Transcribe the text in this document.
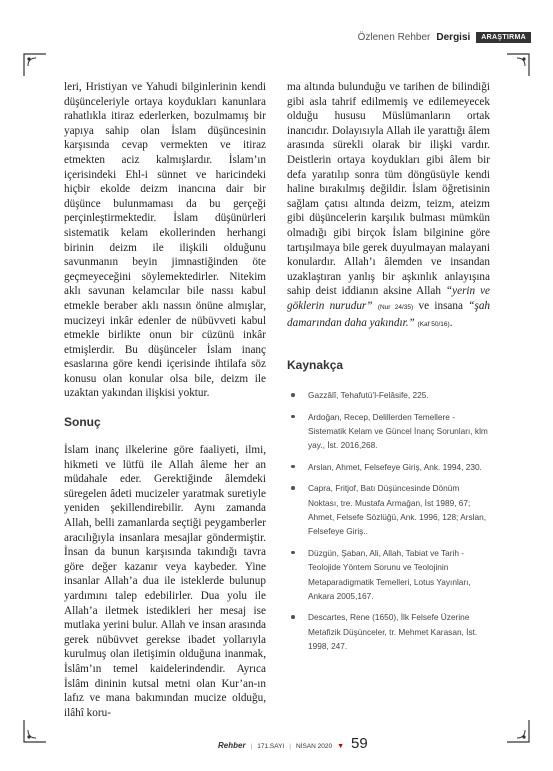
Özlenen Rehber Dergisi	ARAŞTIRMA

leri, Hristiyan ve Yahudi bilginlerinin kendi düşünceleriyle ortaya koydukları kanunlara rahatlıkla itiraz ederlerken, bozulmamış bir yapıya sahip olan İslam düşüncesinin karşısında cevap vermekten ve itiraz etmekten aciz kalmışlardır. İslam’ın içerisindeki Ehl-i sünnet ve haricindeki hiçbir ekolde deizm inancına dair bir düşünce bulunmaması da bu gerçeği perçinleştirmektedir. İslam düşünürleri sistematik kelam ekollerinden herhangi birinin deizm ile ilişkili olduğunu savunmanın beyin jimnastiğinden öte geçmeyeceğini söylemektedirler. Nitekim aklı savunan kelamcılar bile nassı kabul etmekle beraber aklı nassın önüne almışlar, mucizeyi inkâr edenler de nübüvveti kabul etmekle birlikte onun bir cüzünü inkâr etmişlerdir. Bu düşünceler İslam inanç esaslarına göre kendi içerisinde ihtilafa söz konusu olan konular olsa bile, deizm ile uzaktan yakından ilişkisi yoktur.

Sonuç

İslam inanç ilkelerine göre faaliyeti, ilmi, hikmeti ve lütfü ile Allah âleme her an müdahale eder. Gerektiğinde âlemdeki süregelen âdeti mucizeler yaratmak suretiyle yeniden şekillendirebilir. Aynı zamanda Allah, belli zamanlarda seçtiği peygamberler aracılığıyla insanlara mesajlar göndermiştir. İnsan da bunun karşısında takındığı tavra göre değer kazanır veya kaybeder. Yine insanlar Allah’a dua ile isteklerde bulunup yardımını talep edebilirler. Dua yolu ile Allah’a iletmek istedikleri her mesaj ise mutlaka yerini bulur. Allah ve insan arasında gerek nübüvvet gerekse ibadet yollarıyla kurulmuş olan iletişimin olduğuna inanmak, İslâm’ın temel kaidelerindendir. Ayrıca İslâm dininin kutsal metni olan Kur’an-ın lafız ve mana bakımından mucize olduğu, ilâhî koru-

ma altında bulunduğu ve tarihen de bilindiği gibi asla tahrif edilmemiş ve edilemeyecek olduğu hususu Müslümanların ortak inancıdır. Dolayısıyla Allah ile yarattığı âlem arasında sürekli olarak bir ilişki vardır. Deistlerin ortaya koydukları gibi âlem bir defa yaratılıp sonra tüm döngüsüyle kendi haline bırakılmış değildir. İslam öğretisinin sağlam çatısı altında deizm, teizm, ateizm gibi düşüncelerin karşılık bulması mümkün olmadığı gibi birçok İslam bilginine göre tartışılmaya bile gerek duyulmayan malayani konulardır. Allah’ı âlemden ve insandan uzaklaştıran yanlış bir aşkınlık anlayışına sahip deist iddianın aksine Allah “yerin ve göklerin nurudur” (Nur 24/35) ve insana “şah damarından daha yakındır.” (Kaf 50/16).

Kaynakça
Gazzâlî, Tehafutü’l-Felâsife, 225.
Ardoğan, Recep, Delillerden Temellere -Sistematik Kelam ve Güncel İnanç Sorunları, klm yay., İst. 2016,268.
Arslan, Ahmet, Felsefeye Giriş, Ank. 1994, 230.
Capra, Fritjof, Batı Düşüncesinde Dönüm Noktası, tre. Mustafa Armağan, İst 1989, 67; Ahmet, Felsefe Sözlüğü, Ank. 1996, 128; Arslan, Felsefeye Giriş..
Düzgün, Şaban, Ali, Allah, Tabiat ve Tarih - Teolojide Yöntem Sorunu ve Teolojinin Metaparadigmatik Temelleri, Lotus Yayınları, Ankara 2005,167.
Descartes, Rene (1650), İlk Felsefe Üzerine Metafizik Düşünceler, tr. Mehmet Karasan, İst. 1998, 247.
Rehber | 171.SAYI | NİSAN 2020 ▼ 59
